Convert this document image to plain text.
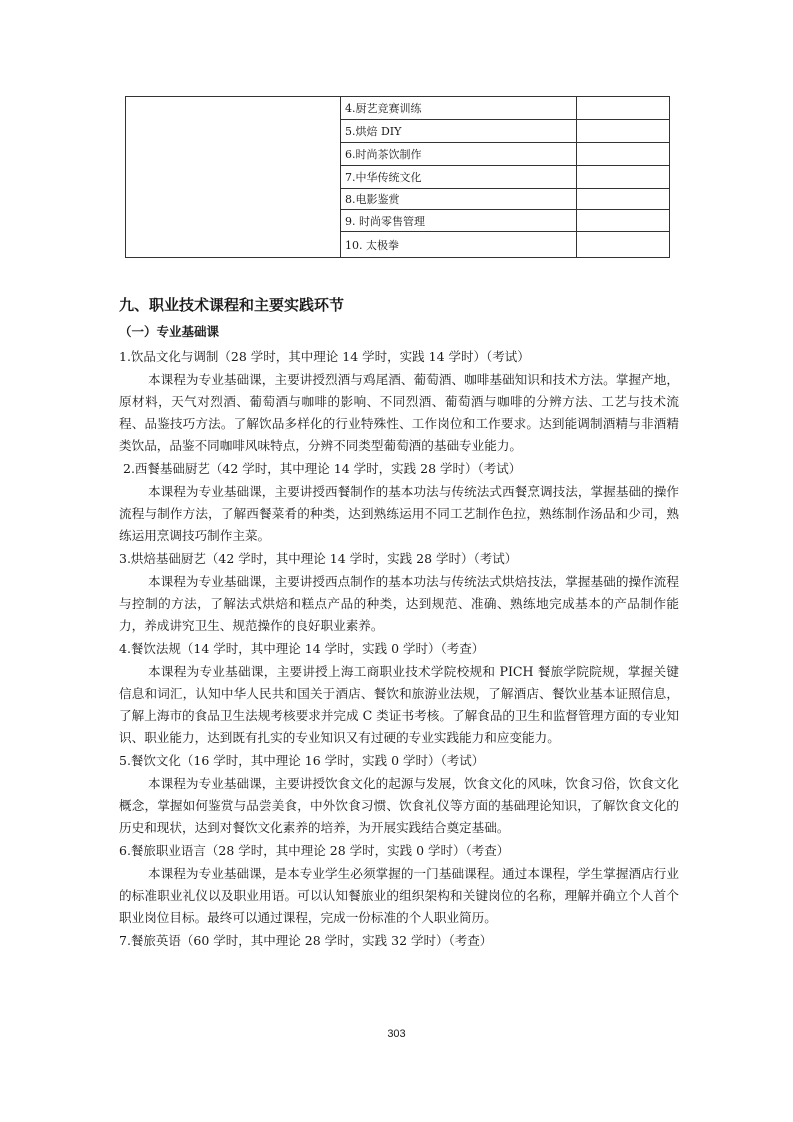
	4.厨艺竞赛训练	
	5.烘焙 DIY	
	6.时尚茶饮制作	
	7.中华传统文化	
	8.电影鉴赏	
	9. 时尚零售管理	
	10. 太极拳	
九、职业技术课程和主要实践环节
（一）专业基础课
1.饮品文化与调制（28 学时，其中理论 14 学时，实践 14 学时）（考试）

本课程为专业基础课，主要讲授烈酒与鸡尾酒、葡萄酒、咖啡基础知识和技术方法。掌握产地，原材料，天气对烈酒、葡萄酒与咖啡的影响、不同烈酒、葡萄酒与咖啡的分辨方法、工艺与技术流程、品鉴技巧方法。了解饮品多样化的行业特殊性、工作岗位和工作要求。达到能调制酒精与非酒精类饮品，品鉴不同咖啡风味特点，分辨不同类型葡萄酒的基础专业能力。

2.西餐基础厨艺（42 学时，其中理论 14 学时，实践 28 学时）（考试）

本课程为专业基础课，主要讲授西餐制作的基本功法与传统法式西餐烹调技法，掌握基础的操作流程与制作方法，了解西餐菜肴的种类，达到熟练运用不同工艺制作色拉，熟练制作汤品和少司，熟练运用烹调技巧制作主菜。

3.烘焙基础厨艺（42 学时，其中理论 14 学时，实践 28 学时）（考试）

本课程为专业基础课，主要讲授西点制作的基本功法与传统法式烘焙技法，掌握基础的操作流程与控制的方法，了解法式烘焙和糕点产品的种类，达到规范、准确、熟练地完成基本的产品制作能力，养成讲究卫生、规范操作的良好职业素养。

4.餐饮法规（14 学时，其中理论 14 学时，实践 0 学时）（考查）

本课程为专业基础课，主要讲授上海工商职业技术学院校规和 PICH 餐旅学院院规，掌握关键信息和词汇，认知中华人民共和国关于酒店、餐饮和旅游业法规，了解酒店、餐饮业基本证照信息，了解上海市的食品卫生法规考核要求并完成 C 类证书考核。了解食品的卫生和监督管理方面的专业知识、职业能力，达到既有扎实的专业知识又有过硬的专业实践能力和应变能力。

5.餐饮文化（16 学时，其中理论 16 学时，实践 0 学时）（考试）

本课程为专业基础课，主要讲授饮食文化的起源与发展，饮食文化的风味，饮食习俗，饮食文化概念，掌握如何鉴赏与品尝美食，中外饮食习惯、饮食礼仪等方面的基础理论知识，了解饮食文化的历史和现状，达到对餐饮文化素养的培养，为开展实践结合奠定基础。

6.餐旅职业语言（28 学时，其中理论 28 学时，实践 0 学时）（考查）

本课程为专业基础课，是本专业学生必须掌握的一门基础课程。通过本课程，学生掌握酒店行业的标准职业礼仪以及职业用语。可以认知餐旅业的组织架构和关键岗位的名称，理解并确立个人首个职业岗位目标。最终可以通过课程，完成一份标准的个人职业简历。

7.餐旅英语（60 学时，其中理论 28 学时，实践 32 学时）（考查）
303
